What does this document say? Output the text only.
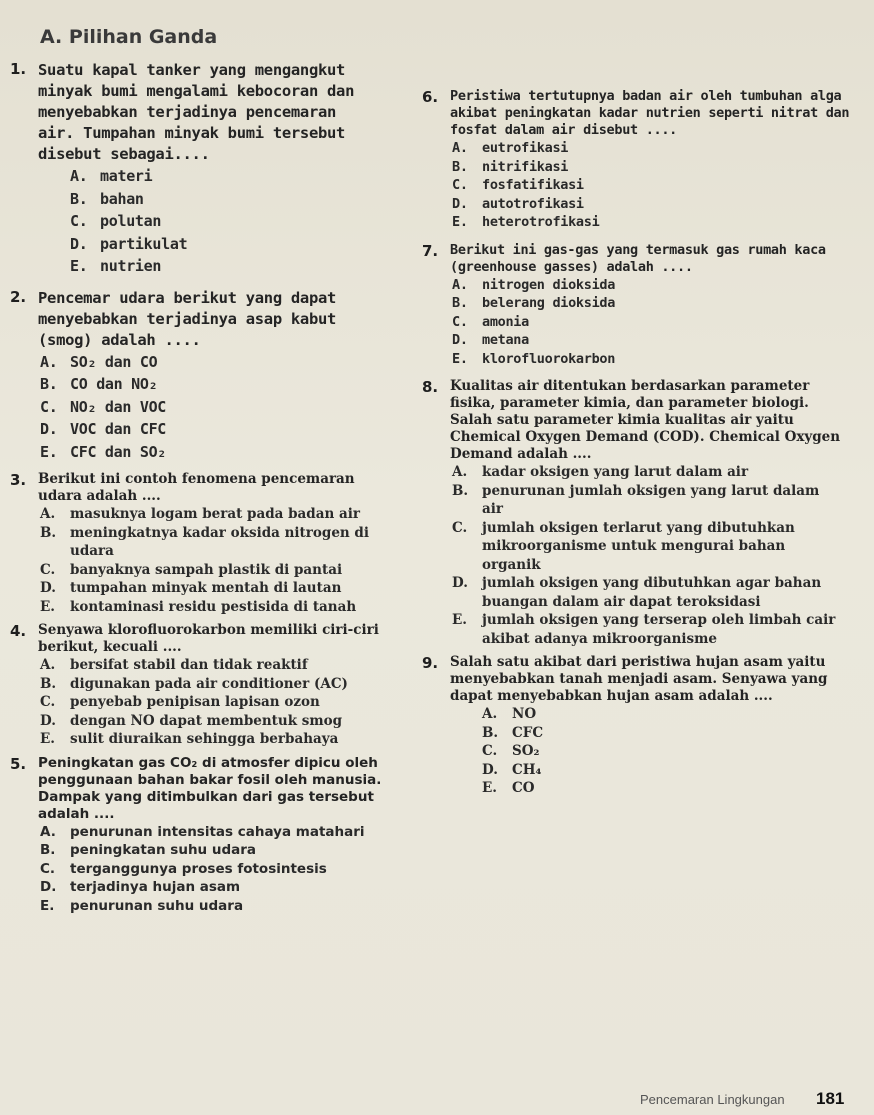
A. Pilihan Ganda
1. Suatu kapal tanker yang mengangkut minyak bumi mengalami kebocoran dan menyebabkan terjadinya pencemaran air. Tumpahan minyak bumi tersebut disebut sebagai....
A. materi
B. bahan
C. polutan
D. partikulat
E. nutrien
2. Pencemar udara berikut yang dapat menyebabkan terjadinya asap kabut (smog) adalah ....
A. SO₂ dan CO
B. CO dan NO₂
C. NO₂ dan VOC
D. VOC dan CFC
E. CFC dan SO₂
3. Berikut ini contoh fenomena pencemaran udara adalah ....
A.	masuknya logam berat pada badan air
B.	meningkatnya kadar oksida nitrogen di udara
C.	banyaknya sampah plastik di pantai
D.	tumpahan minyak mentah di lautan
E.	kontaminasi residu pestisida di tanah
4. Senyawa klorofluorokarbon memiliki ciri-ciri berikut, kecuali ....
A.	bersifat stabil dan tidak reaktif
B.	digunakan pada air conditioner (AC)
C.	penyebab penipisan lapisan ozon
D.	dengan NO dapat membentuk smog
E.	sulit diuraikan sehingga berbahaya
5. Peningkatan gas CO₂ di atmosfer dipicu oleh penggunaan bahan bakar fosil oleh manusia. Dampak yang ditimbulkan dari gas tersebut adalah ....
A.	penurunan intensitas cahaya matahari
B.	peningkatan suhu udara
C.	terganggunya proses fotosintesis
D.	terjadinya hujan asam
E.	penurunan suhu udara
6. Peristiwa tertutupnya badan air oleh tumbuhan alga akibat peningkatan kadar nutrien seperti nitrat dan fosfat dalam air disebut ....
A.	eutrofikasi
B.	nitrifikasi
C.	fosfatifikasi
D.	autotrofikasi
E.	heterotrofikasi
7. Berikut ini gas-gas yang termasuk gas rumah kaca (greenhouse gasses) adalah ....
A.	nitrogen dioksida
B.	belerang dioksida
C.	amonia
D.	metana
E.	klorofluorokarbon
8. Kualitas air ditentukan berdasarkan parameter fisika, parameter kimia, dan parameter biologi. Salah satu parameter kimia kualitas air yaitu Chemical Oxygen Demand (COD). Chemical Oxygen Demand adalah ....
A.	kadar oksigen yang larut dalam air
B.	penurunan jumlah oksigen yang larut dalam air
C.	jumlah oksigen terlarut yang dibutuhkan mikroorganisme untuk mengurai bahan organik
D.	jumlah oksigen yang dibutuhkan agar bahan buangan dalam air dapat teroksidasi
E.	jumlah oksigen yang terserap oleh limbah cair akibat adanya mikroorganisme
9. Salah satu akibat dari peristiwa hujan asam yaitu menyebabkan tanah menjadi asam. Senyawa yang dapat menyebabkan hujan asam adalah ....
A.	NO
B.	CFC
C.	SO₂
D.	CH₄
E.	CO
Pencemaran Lingkungan 181
